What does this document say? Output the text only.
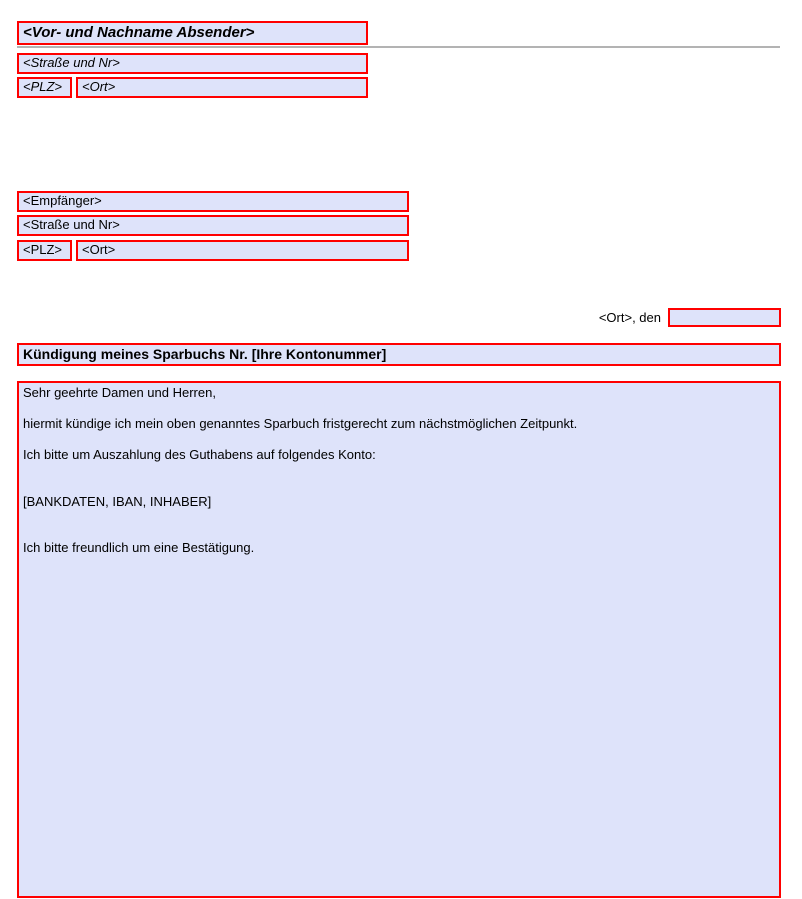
<Vor- und Nachname Absender>
<Straße und Nr>
<PLZ>	<Ort>
<Empfänger>
<Straße und Nr>
<PLZ>	<Ort>
<Ort>, den
Kündigung meines Sparbuchs Nr. [Ihre Kontonummer]
Sehr geehrte Damen und Herren,
hiermit kündige ich mein oben genanntes Sparbuch fristgerecht zum nächstmöglichen Zeitpunkt.
Ich bitte um Auszahlung des Guthabens auf folgendes Konto:
[BANKDATEN, IBAN, INHABER]
Ich bitte freundlich um eine Bestätigung.
